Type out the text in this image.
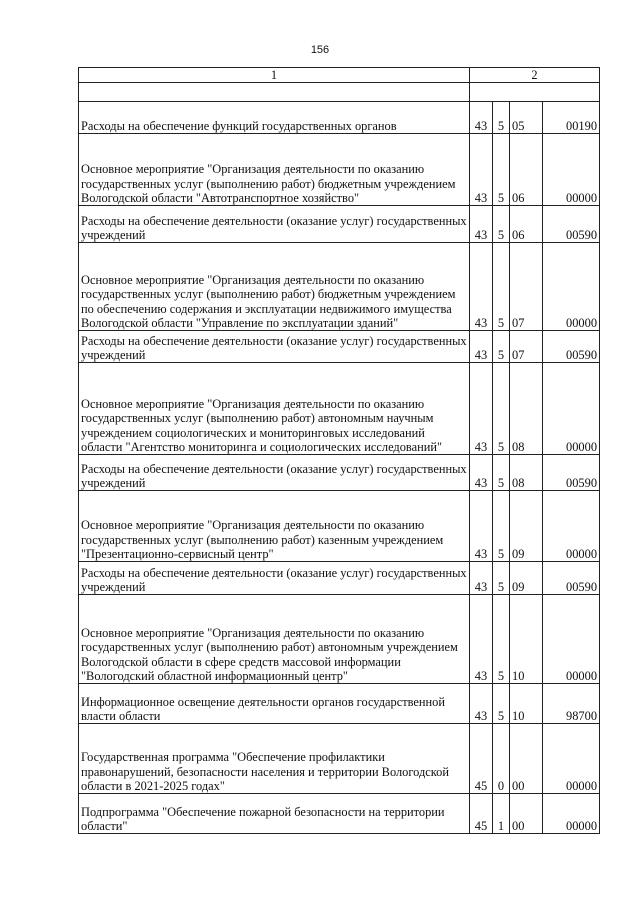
156
1	2			

Расходы на обеспечение функций государственных органов	43	5	05	00190
Основное мероприятие "Организация деятельности по оказанию государственных услуг (выполнению работ) бюджетным учреждением Вологодской области "Автотранспортное хозяйство"	43	5	06	00000
Расходы на обеспечение деятельности (оказание услуг) государственных учреждений	43	5	06	00590
Основное мероприятие "Организация деятельности по оказанию государственных услуг (выполнению работ) бюджетным учреждением по обеспечению содержания и эксплуатации недвижимого имущества Вологодской области "Управление по эксплуатации зданий"	43	5	07	00000
Расходы на обеспечение деятельности (оказание услуг) государственных учреждений	43	5	07	00590
Основное мероприятие "Организация деятельности по оказанию государственных услуг (выполнению работ) автономным научным учреждением социологических и мониторинговых исследований области "Агентство мониторинга и социологических исследований"	43	5	08	00000
Расходы на обеспечение деятельности (оказание услуг) государственных учреждений	43	5	08	00590
Основное мероприятие "Организация деятельности по оказанию государственных услуг (выполнению работ) казенным учреждением "Презентационно-сервисный центр"	43	5	09	00000
Расходы на обеспечение деятельности (оказание услуг) государственных учреждений	43	5	09	00590
Основное мероприятие "Организация деятельности по оказанию государственных услуг (выполнению работ) автономным учреждением Вологодской области в сфере средств массовой информации "Вологодский областной информационный центр"	43	5	10	00000
Информационное освещение деятельности органов государственной власти области	43	5	10	98700
Государственная программа "Обеспечение профилактики правонарушений, безопасности населения и территории Вологодской области в 2021-2025 годах"	45	0	00	00000
Подпрограмма "Обеспечение пожарной безопасности на территории области"	45	1	00	00000
